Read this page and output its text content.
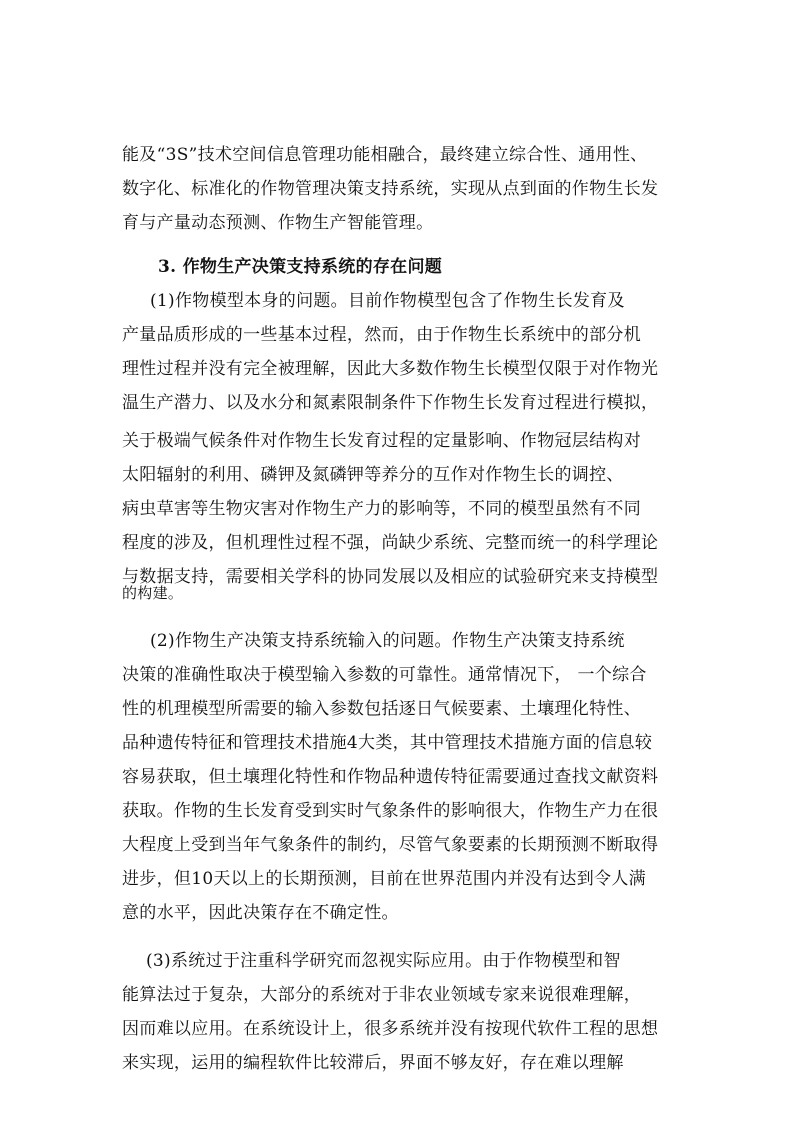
能及“3S”技术空间信息管理功能相融合，最终建立综合性、通用性、
数字化、标准化的作物管理决策支持系统，实现从点到面的作物生长发
育与产量动态预测、作物生产智能管理。
3. 作物生产决策支持系统的存在问题
(1)作物模型本身的问题。目前作物模型包含了作物生长发育及
产量品质形成的一些基本过程，然而，由于作物生长系统中的部分机
理性过程并没有完全被理解，因此大多数作物生长模型仅限于对作物光
温生产潜力、以及水分和氮素限制条件下作物生长发育过程进行模拟，
关于极端气候条件对作物生长发育过程的定量影响、作物冠层结构对
太阳辐射的利用、磷钾及氮磷钾等养分的互作对作物生长的调控、
病虫草害等生物灾害对作物生产力的影响等，不同的模型虽然有不同
程度的涉及，但机理性过程不强，尚缺少系统、完整而统一的科学理论
与数据支持，需要相关学科的协同发展以及相应的试验研究来支持模型
的构建。
(2)作物生产决策支持系统输入的问题。作物生产决策支持系统
决策的准确性取决于模型输入参数的可靠性。通常情况下， 一个综合
性的机理模型所需要的输入参数包括逐日气候要素、土壤理化特性、
品种遗传特征和管理技术措施4大类，其中管理技术措施方面的信息较
容易获取，但土壤理化特性和作物品种遗传特征需要通过查找文献资料
获取。作物的生长发育受到实时气象条件的影响很大，作物生产力在很
大程度上受到当年气象条件的制约，尽管气象要素的长期预测不断取得
进步，但10天以上的长期预测，目前在世界范围内并没有达到令人满
意的水平，因此决策存在不确定性。
(3)系统过于注重科学研究而忽视实际应用。由于作物模型和智
能算法过于复杂，大部分的系统对于非农业领域专家来说很难理解，
因而难以应用。在系统设计上，很多系统并没有按现代软件工程的思想
来实现，运用的编程软件比较滞后，界面不够友好，存在难以理解
